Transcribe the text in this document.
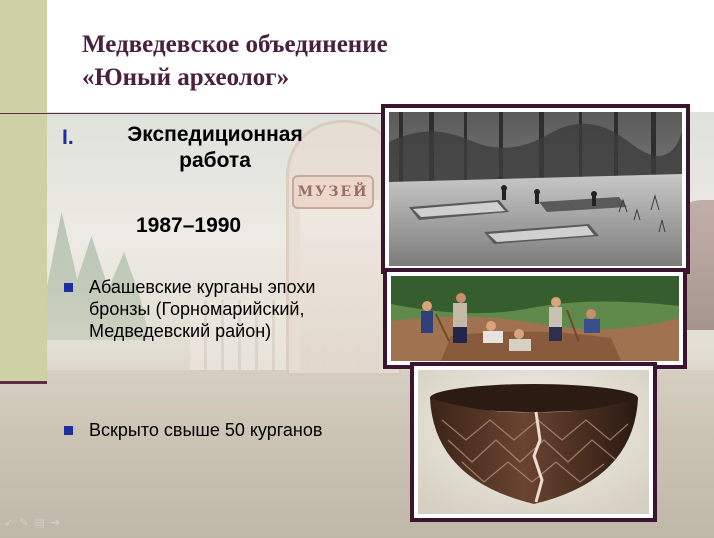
МУЗЕЙ
Медведевское объединение
«Юный археолог»
I.	Экспедиционная работа
1987–1990
Абашевские курганы эпохи бронзы (Горномарийский, Медведевский район)
Вскрыто свыше 50 курганов
➹✎▤➔
